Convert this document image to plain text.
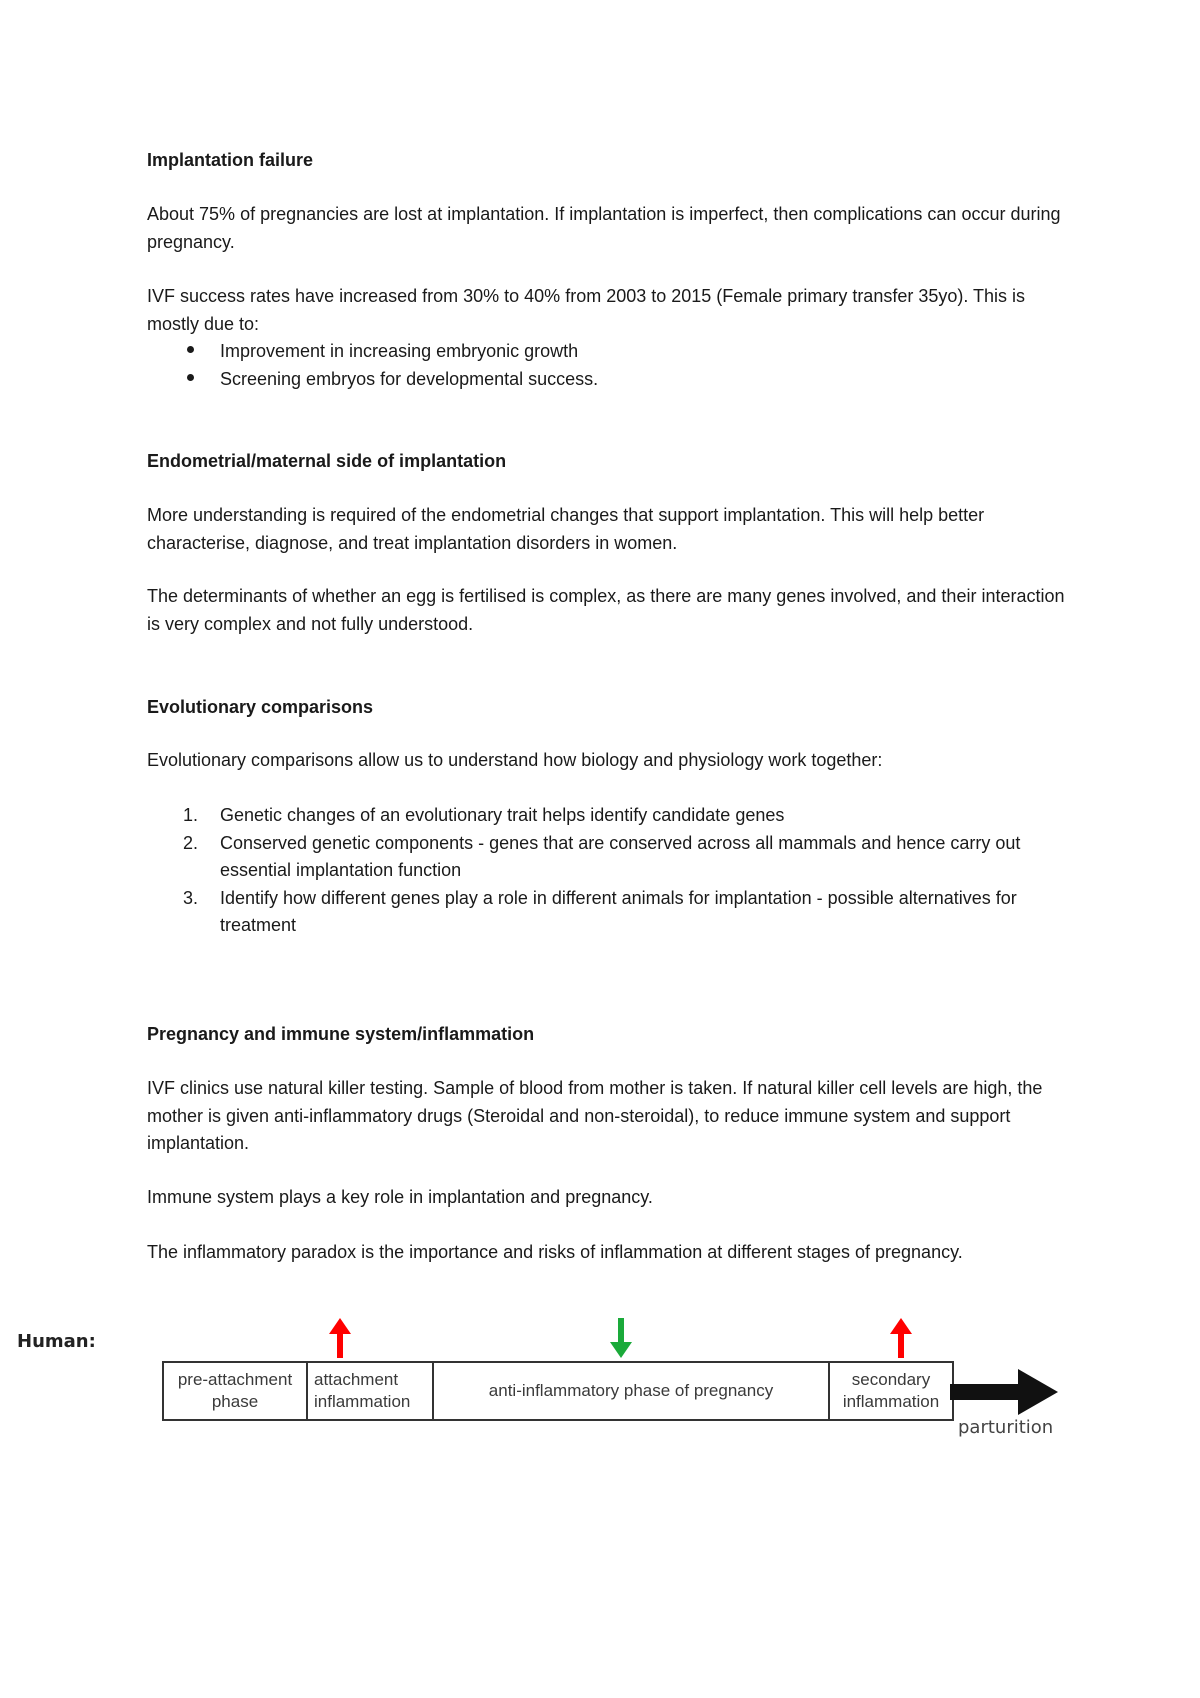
Implantation failure
About 75% of pregnancies are lost at implantation. If implantation is imperfect, then complications can occur during pregnancy.
IVF success rates have increased from 30% to 40% from 2003 to 2015 (Female primary transfer 35yo). This is mostly due to:
Improvement in increasing embryonic growth
Screening embryos for developmental success.
Endometrial/maternal side of implantation
More understanding is required of the endometrial changes that support implantation. This will help better characterise, diagnose, and treat implantation disorders in women.
The determinants of whether an egg is fertilised is complex, as there are many genes involved, and their interaction is very complex and not fully understood.
Evolutionary comparisons
Evolutionary comparisons allow us to understand how biology and physiology work together:
1. Genetic changes of an evolutionary trait helps identify candidate genes
2. Conserved genetic components - genes that are conserved across all mammals and hence carry out essential implantation function
3. Identify how different genes play a role in different animals for implantation - possible alternatives for treatment
Pregnancy and immune system/inflammation
IVF clinics use natural killer testing. Sample of blood from mother is taken. If natural killer cell levels are high, the mother is given anti-inflammatory drugs (Steroidal and non-steroidal), to reduce immune system and support implantation.
Immune system plays a key role in implantation and pregnancy.
The inflammatory paradox is the importance and risks of inflammation at different stages of pregnancy.
Human:
pre-attachment
phase
attachment
inflammation
anti-inflammatory phase of pregnancy
secondary
inflammation
parturition
